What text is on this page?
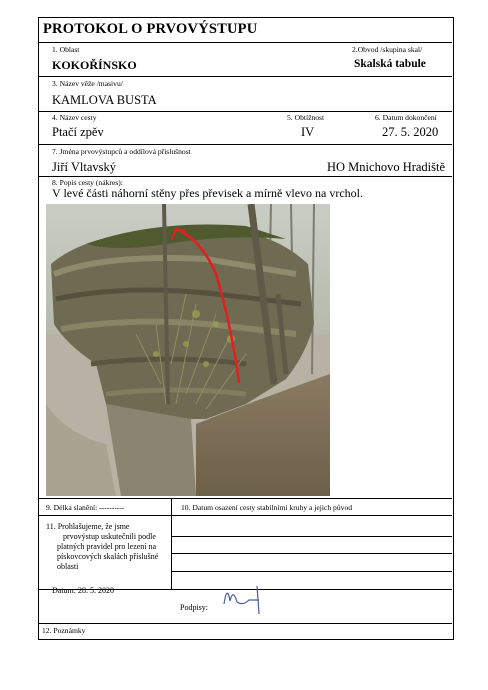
PROTOKOL O PRVOVÝSTUPU
1. Oblast	2.Obvod /skupina skal/
KOKOŘÍNSKO	Skalská tabule
3. Název věže /masivu/
KAMLOVA BUSTA
4. Název cesty	5. Obtížnost	6. Datum dokončení
Ptačí zpěv	IV	27. 5. 2020
7. Jména prvovýstupců a oddílová příslušnost
Jiří Vltavský	HO Mnichovo Hradiště
8. Popis cesty (nákres):
V levé části náhorní stěny přes převisek a mírně vlevo na vrchol.
9. Délka slanění: ----------	10. Datum osazení cesty stabilními kruhy a jejich původ
11. Prohlašujeme, že jsme
prvovýstup uskutečnili podle
platných pravidel pro lezení na
pískovcových skalách příslušné
oblasti
Datum: 28. 5. 2020
Podpisy:
12. Poznámky
